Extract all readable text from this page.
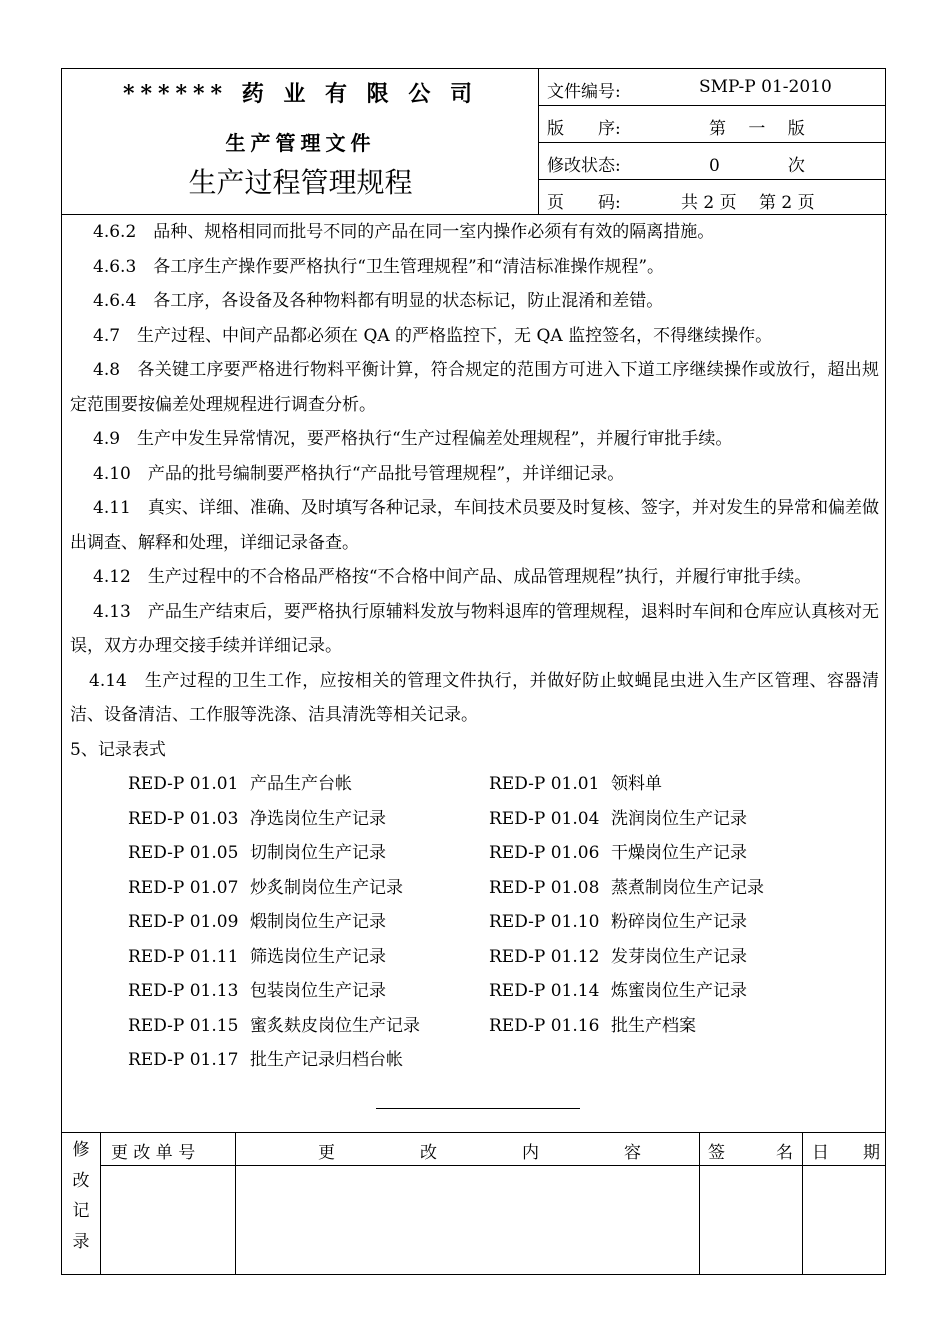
****** 药 业 有 限 公 司
生产管理文件
生产过程管理规程
文件编号:	SMP-P 01-2010
版　　序:	第　 一　 版
修改状态:	0　　　　次
页　　码:	共 2 页　 第 2 页

4.6.2　品种、规格相同而批号不同的产品在同一室内操作必须有有效的隔离措施。

4.6.3　各工序生产操作要严格执行“卫生管理规程”和“清洁标准操作规程”。

4.6.4　各工序，各设备及各种物料都有明显的状态标记，防止混淆和差错。

4.7　生产过程、中间产品都必须在 QA 的严格监控下，无 QA 监控签名，不得继续操作。

4.8　各关键工序要严格进行物料平衡计算，符合规定的范围方可进入下道工序继续操作或放行，超出规定范围要按偏差处理规程进行调查分析。

4.9　生产中发生异常情况，要严格执行“生产过程偏差处理规程”，并履行审批手续。

4.10　产品的批号编制要严格执行“产品批号管理规程”，并详细记录。

4.11　真实、详细、准确、及时填写各种记录，车间技术员要及时复核、签字，并对发生的异常和偏差做出调查、解释和处理，详细记录备查。

4.12　生产过程中的不合格品严格按“不合格中间产品、成品管理规程”执行，并履行审批手续。

4.13　产品生产结束后，要严格执行原辅料发放与物料退库的管理规程，退料时车间和仓库应认真核对无误，双方办理交接手续并详细记录。

4.14　生产过程的卫生工作，应按相关的管理文件执行，并做好防止蚊蝇昆虫进入生产区管理、容器清洁、设备清洁、工作服等洗涤、洁具清洗等相关记录。

5、记录表式
RED-P 01.01 产品生产台帐	RED-P 01.01 领料单
RED-P 01.03 净选岗位生产记录	RED-P 01.04 洗润岗位生产记录
RED-P 01.05 切制岗位生产记录	RED-P 01.06 干燥岗位生产记录
RED-P 01.07 炒炙制岗位生产记录	RED-P 01.08 蒸煮制岗位生产记录
RED-P 01.09 煅制岗位生产记录	RED-P 01.10 粉碎岗位生产记录
RED-P 01.11 筛选岗位生产记录	RED-P 01.12 发芽岗位生产记录
RED-P 01.13 包装岗位生产记录	RED-P 01.14 炼蜜岗位生产记录
RED-P 01.15 蜜炙麸皮岗位生产记录	RED-P 01.16 批生产档案
RED-P 01.17 批生产记录归档台帐
修
改
记
录
更 改 单 号	更　　　　　改　　　　　内　　　　　容	签　　　名 日　　期
